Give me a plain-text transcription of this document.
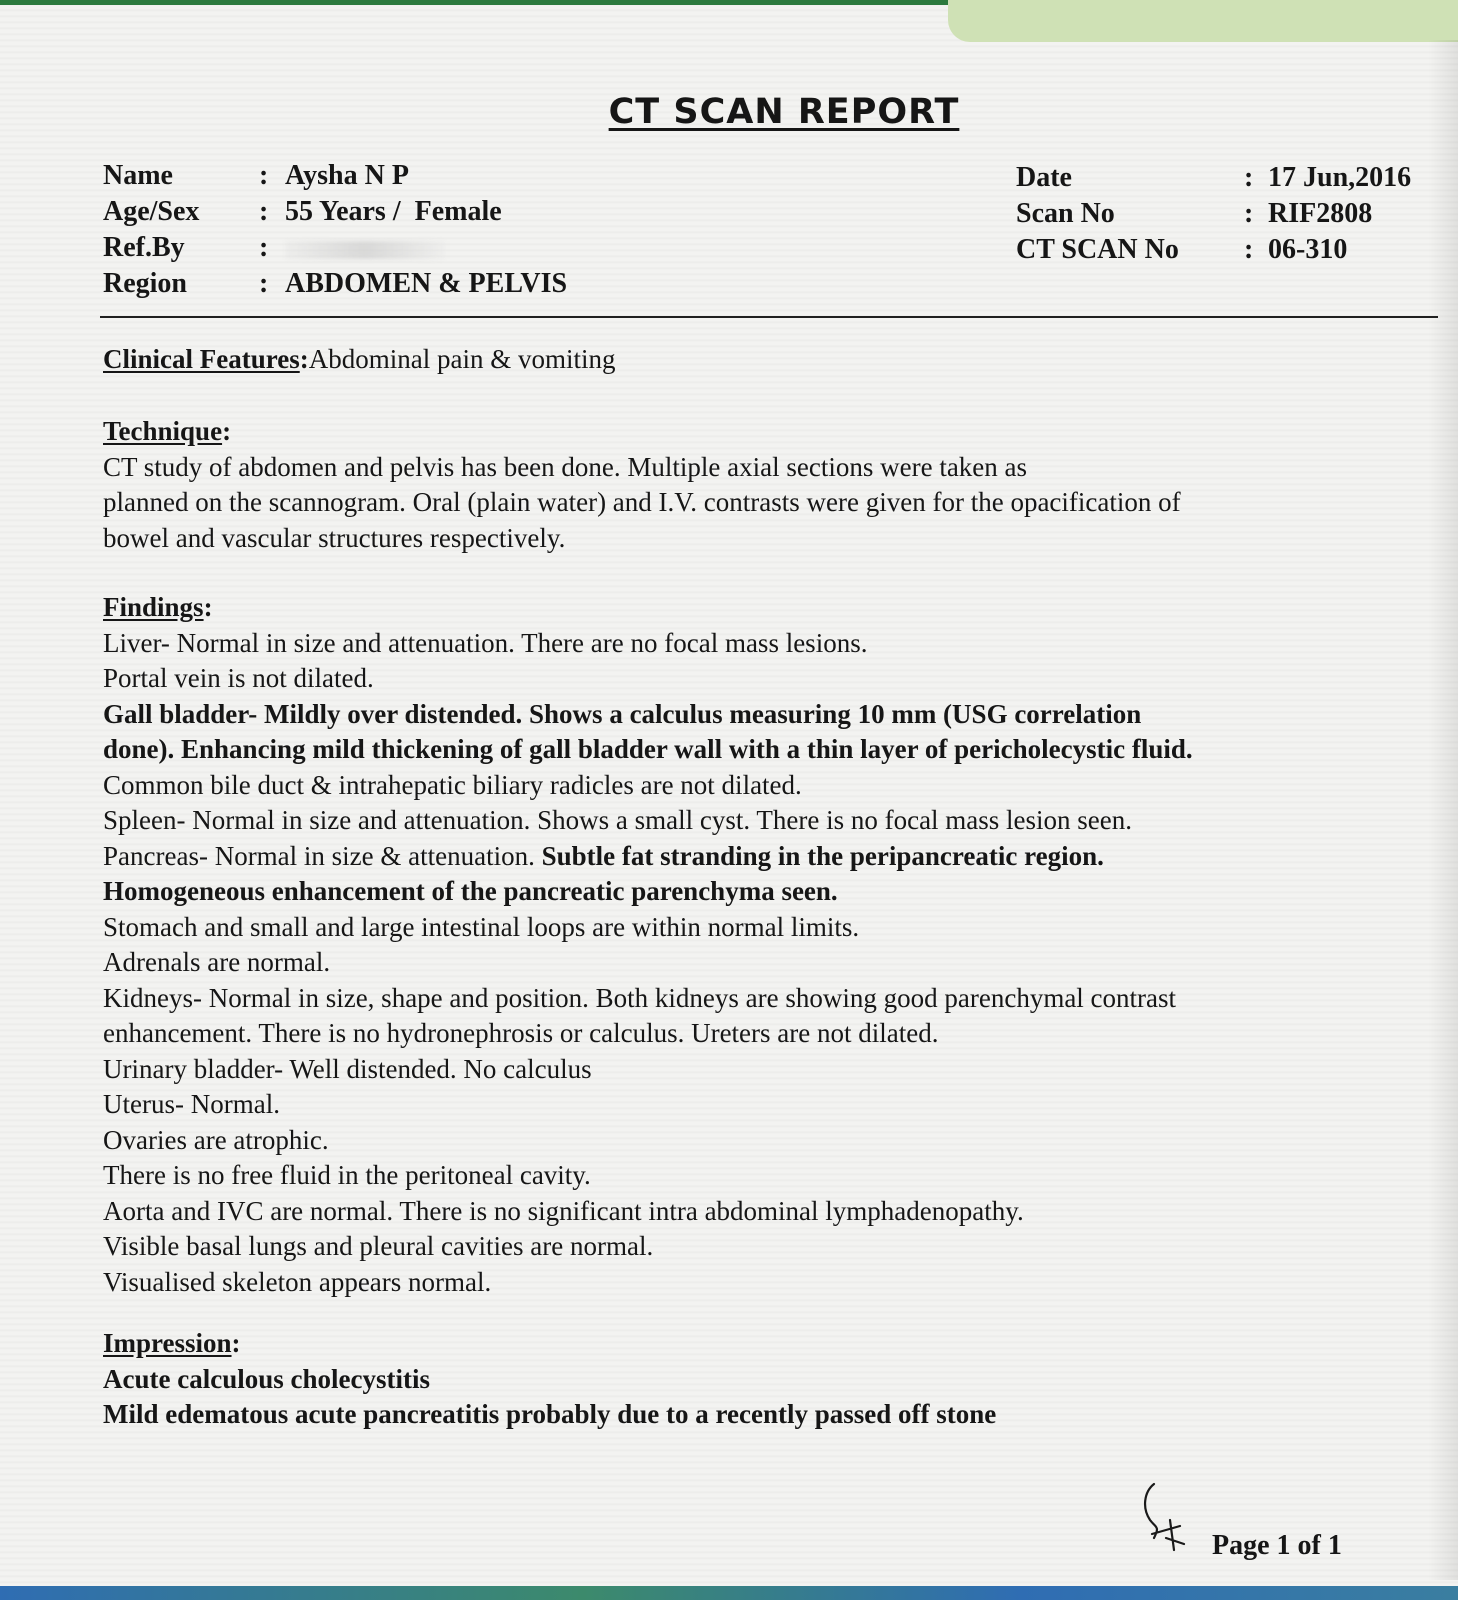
CT SCAN REPORT
Name	: Aysha N P
Age/Sex : 55 Years /  Female
Ref.By	:
Region	: ABDOMEN & PELVIS
Date	: 17 Jun,2016
Scan No	: RIF2808
CT SCAN No : 06-310
Clinical Features:Abdominal pain & vomiting
Technique:
CT study of abdomen and pelvis has been done. Multiple axial sections were taken as
planned on the scannogram. Oral (plain water) and I.V. contrasts were given for the opacification of
bowel and vascular structures respectively.
Findings:
Liver- Normal in size and attenuation. There are no focal mass lesions.
Portal vein is not dilated.
Gall bladder- Mildly over distended. Shows a calculus measuring 10 mm (USG correlation
done). Enhancing mild thickening of gall bladder wall with a thin layer of pericholecystic fluid.
Common bile duct & intrahepatic biliary radicles are not dilated.
Spleen- Normal in size and attenuation. Shows a small cyst. There is no focal mass lesion seen.
Pancreas- Normal in size & attenuation. Subtle fat stranding in the peripancreatic region.
Homogeneous enhancement of the pancreatic parenchyma seen.
Stomach and small and large intestinal loops are within normal limits.
Adrenals are normal.
Kidneys- Normal in size, shape and position. Both kidneys are showing good parenchymal contrast
enhancement. There is no hydronephrosis or calculus. Ureters are not dilated.
Urinary bladder- Well distended. No calculus
Uterus- Normal.
Ovaries are atrophic.
There is no free fluid in the peritoneal cavity.
Aorta and IVC are normal. There is no significant intra abdominal lymphadenopathy.
Visible basal lungs and pleural cavities are normal.
Visualised skeleton appears normal.
Impression:
Acute calculous cholecystitis
Mild edematous acute pancreatitis probably due to a recently passed off stone
Page 1 of 1
